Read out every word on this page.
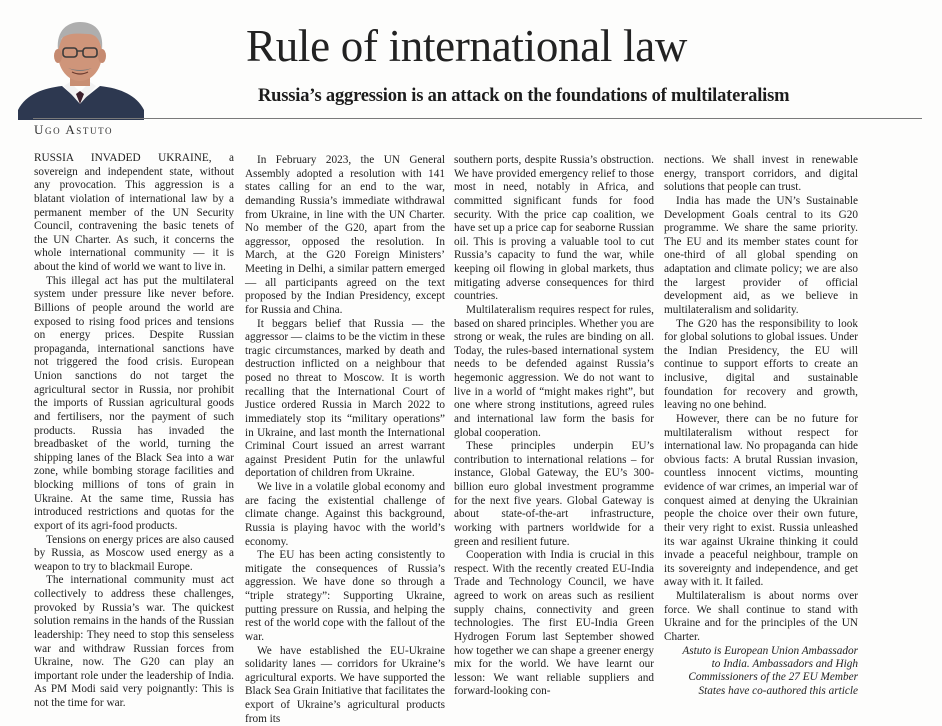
Rule of international law
Russia’s aggression is an attack on the foundations of multilateralism
Ugo Astuto

RUSSIA INVADED UKRAINE, a sovereign and independent state, without any provocation. This aggression is a blatant violation of international law by a permanent member of the UN Security Council, contravening the basic tenets of the UN Charter. As such, it concerns the whole international community — it is about the kind of world we want to live in.

This illegal act has put the multilateral system under pressure like never before. Billions of people around the world are exposed to rising food prices and tensions on energy prices. Despite Russian propaganda, international sanctions have not triggered the food crisis. European Union sanctions do not target the agricultural sector in Russia, nor prohibit the imports of Russian agricultural goods and fertilisers, nor the payment of such products. Russia has invaded the breadbasket of the world, turning the shipping lanes of the Black Sea into a war zone, while bombing storage facilities and blocking millions of tons of grain in Ukraine. At the same time, Russia has introduced restrictions and quotas for the export of its agri-food products.

Tensions on energy prices are also caused by Russia, as Moscow used energy as a weapon to try to blackmail Europe.

The international community must act collectively to address these challenges, provoked by Russia’s war. The quickest solution remains in the hands of the Russian leadership: They need to stop this senseless war and withdraw Russian forces from Ukraine, now. The G20 can play an important role under the leadership of India. As PM Modi said very poignantly: This is not the time for war.

In February 2023, the UN General Assembly adopted a resolution with 141 states calling for an end to the war, demanding Russia’s immediate withdrawal from Ukraine, in line with the UN Charter. No member of the G20, apart from the aggressor, opposed the resolution. In March, at the G20 Foreign Ministers’ Meeting in Delhi, a similar pattern emerged — all participants agreed on the text proposed by the Indian Presidency, except for Russia and China.

It beggars belief that Russia — the aggressor — claims to be the victim in these tragic circumstances, marked by death and destruction inflicted on a neighbour that posed no threat to Moscow. It is worth recalling that the International Court of Justice ordered Russia in March 2022 to immediately stop its “military operations” in Ukraine, and last month the International Criminal Court issued an arrest warrant against President Putin for the unlawful deportation of children from Ukraine.

We live in a volatile global economy and are facing the existential challenge of climate change. Against this background, Russia is playing havoc with the world’s economy.

The EU has been acting consistently to mitigate the consequences of Russia’s aggression. We have done so through a “triple strategy”: Supporting Ukraine, putting pressure on Russia, and helping the rest of the world cope with the fallout of the war.

We have established the EU-Ukraine solidarity lanes — corridors for Ukraine’s agricultural exports. We have supported the Black Sea Grain Initiative that facilitates the export of Ukraine’s agricultural products from its

southern ports, despite Russia’s obstruction. We have provided emergency relief to those most in need, notably in Africa, and committed significant funds for food security. With the price cap coalition, we have set up a price cap for seaborne Russian oil. This is proving a valuable tool to cut Russia’s capacity to fund the war, while keeping oil flowing in global markets, thus mitigating adverse consequences for third countries.

Multilateralism requires respect for rules, based on shared principles. Whether you are strong or weak, the rules are binding on all. Today, the rules-based international system needs to be defended against Russia’s hegemonic aggression. We do not want to live in a world of “might makes right”, but one where strong institutions, agreed rules and international law form the basis for global cooperation.

These principles underpin EU’s contribution to international relations – for instance, Global Gateway, the EU’s 300-billion euro global investment programme for the next five years. Global Gateway is about state-of-the-art infrastructure, working with partners worldwide for a green and resilient future.

Cooperation with India is crucial in this respect. With the recently created EU-India Trade and Technology Council, we have agreed to work on areas such as resilient supply chains, connectivity and green technologies. The first EU-India Green Hydrogen Forum last September showed how together we can shape a greener energy mix for the world. We have learnt our lesson: We want reliable suppliers and forward-looking con-

nections. We shall invest in renewable energy, transport corridors, and digital solutions that people can trust.

India has made the UN’s Sustainable Development Goals central to its G20 programme. We share the same priority. The EU and its member states count for one-third of all global spending on adaptation and climate policy; we are also the largest provider of official development aid, as we believe in multilateralism and solidarity.

The G20 has the responsibility to look for global solutions to global issues. Under the Indian Presidency, the EU will continue to support efforts to create an inclusive, digital and sustainable foundation for recovery and growth, leaving no one behind.

However, there can be no future for multilateralism without respect for international law. No propaganda can hide obvious facts: A brutal Russian invasion, countless innocent victims, mounting evidence of war crimes, an imperial war of conquest aimed at denying the Ukrainian people the choice over their own future, their very right to exist. Russia unleashed its war against Ukraine thinking it could invade a peaceful neighbour, trample on its sovereignty and independence, and get away with it. It failed.

Multilateralism is about norms over force. We shall continue to stand with Ukraine and for the principles of the UN Charter.

Astuto is European Union Ambassador to India. Ambassadors and High Commissioners of the 27 EU Member States have co-authored this article
